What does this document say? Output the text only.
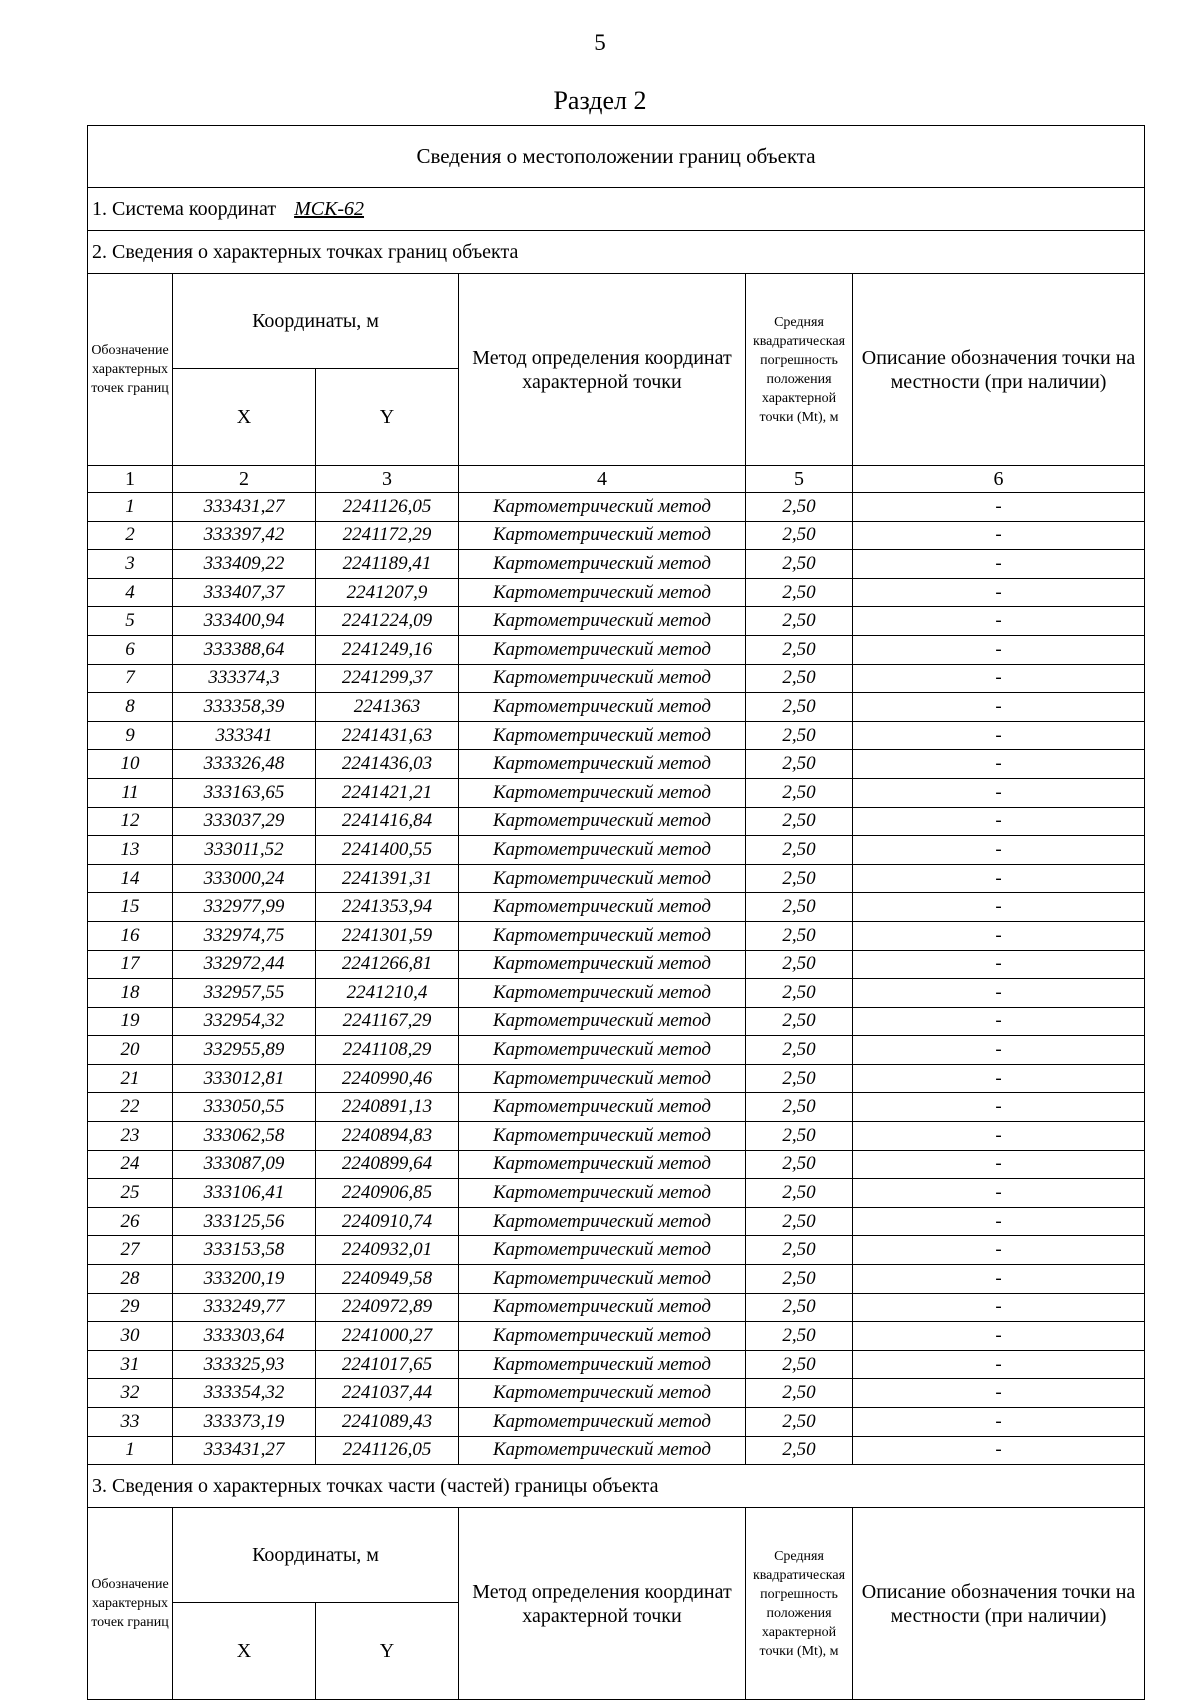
5
Раздел 2
Сведения о местоположении границ объекта					
1. Система координат МСК-62					
2. Сведения о характерных точках границ объекта					
Обозначение характерных точек границ	Координаты, м		Метод определения координат характерной точки	Средняя квадратическая погрешность положения характерной точки (Mt), м	Описание обозначения точки на местности (при наличии)
	X	Y			
1	2	3	4	5	6
1	333431,27	2241126,05	Картометрический метод	2,50	-
2	333397,42	2241172,29	Картометрический метод	2,50	-
3	333409,22	2241189,41	Картометрический метод	2,50	-
4	333407,37	2241207,9	Картометрический метод	2,50	-
5	333400,94	2241224,09	Картометрический метод	2,50	-
6	333388,64	2241249,16	Картометрический метод	2,50	-
7	333374,3	2241299,37	Картометрический метод	2,50	-
8	333358,39	2241363	Картометрический метод	2,50	-
9	333341	2241431,63	Картометрический метод	2,50	-
10	333326,48	2241436,03	Картометрический метод	2,50	-
11	333163,65	2241421,21	Картометрический метод	2,50	-
12	333037,29	2241416,84	Картометрический метод	2,50	-
13	333011,52	2241400,55	Картометрический метод	2,50	-
14	333000,24	2241391,31	Картометрический метод	2,50	-
15	332977,99	2241353,94	Картометрический метод	2,50	-
16	332974,75	2241301,59	Картометрический метод	2,50	-
17	332972,44	2241266,81	Картометрический метод	2,50	-
18	332957,55	2241210,4	Картометрический метод	2,50	-
19	332954,32	2241167,29	Картометрический метод	2,50	-
20	332955,89	2241108,29	Картометрический метод	2,50	-
21	333012,81	2240990,46	Картометрический метод	2,50	-
22	333050,55	2240891,13	Картометрический метод	2,50	-
23	333062,58	2240894,83	Картометрический метод	2,50	-
24	333087,09	2240899,64	Картометрический метод	2,50	-
25	333106,41	2240906,85	Картометрический метод	2,50	-
26	333125,56	2240910,74	Картометрический метод	2,50	-
27	333153,58	2240932,01	Картометрический метод	2,50	-
28	333200,19	2240949,58	Картометрический метод	2,50	-
29	333249,77	2240972,89	Картометрический метод	2,50	-
30	333303,64	2241000,27	Картометрический метод	2,50	-
31	333325,93	2241017,65	Картометрический метод	2,50	-
32	333354,32	2241037,44	Картометрический метод	2,50	-
33	333373,19	2241089,43	Картометрический метод	2,50	-
1	333431,27	2241126,05	Картометрический метод	2,50	-
3. Сведения о характерных точках части (частей) границы объекта					
Обозначение характерных точек границ	Координаты, м		Метод определения координат характерной точки	Средняя квадратическая погрешность положения характерной точки (Mt), м	Описание обозначения точки на местности (при наличии)
	X	Y			
